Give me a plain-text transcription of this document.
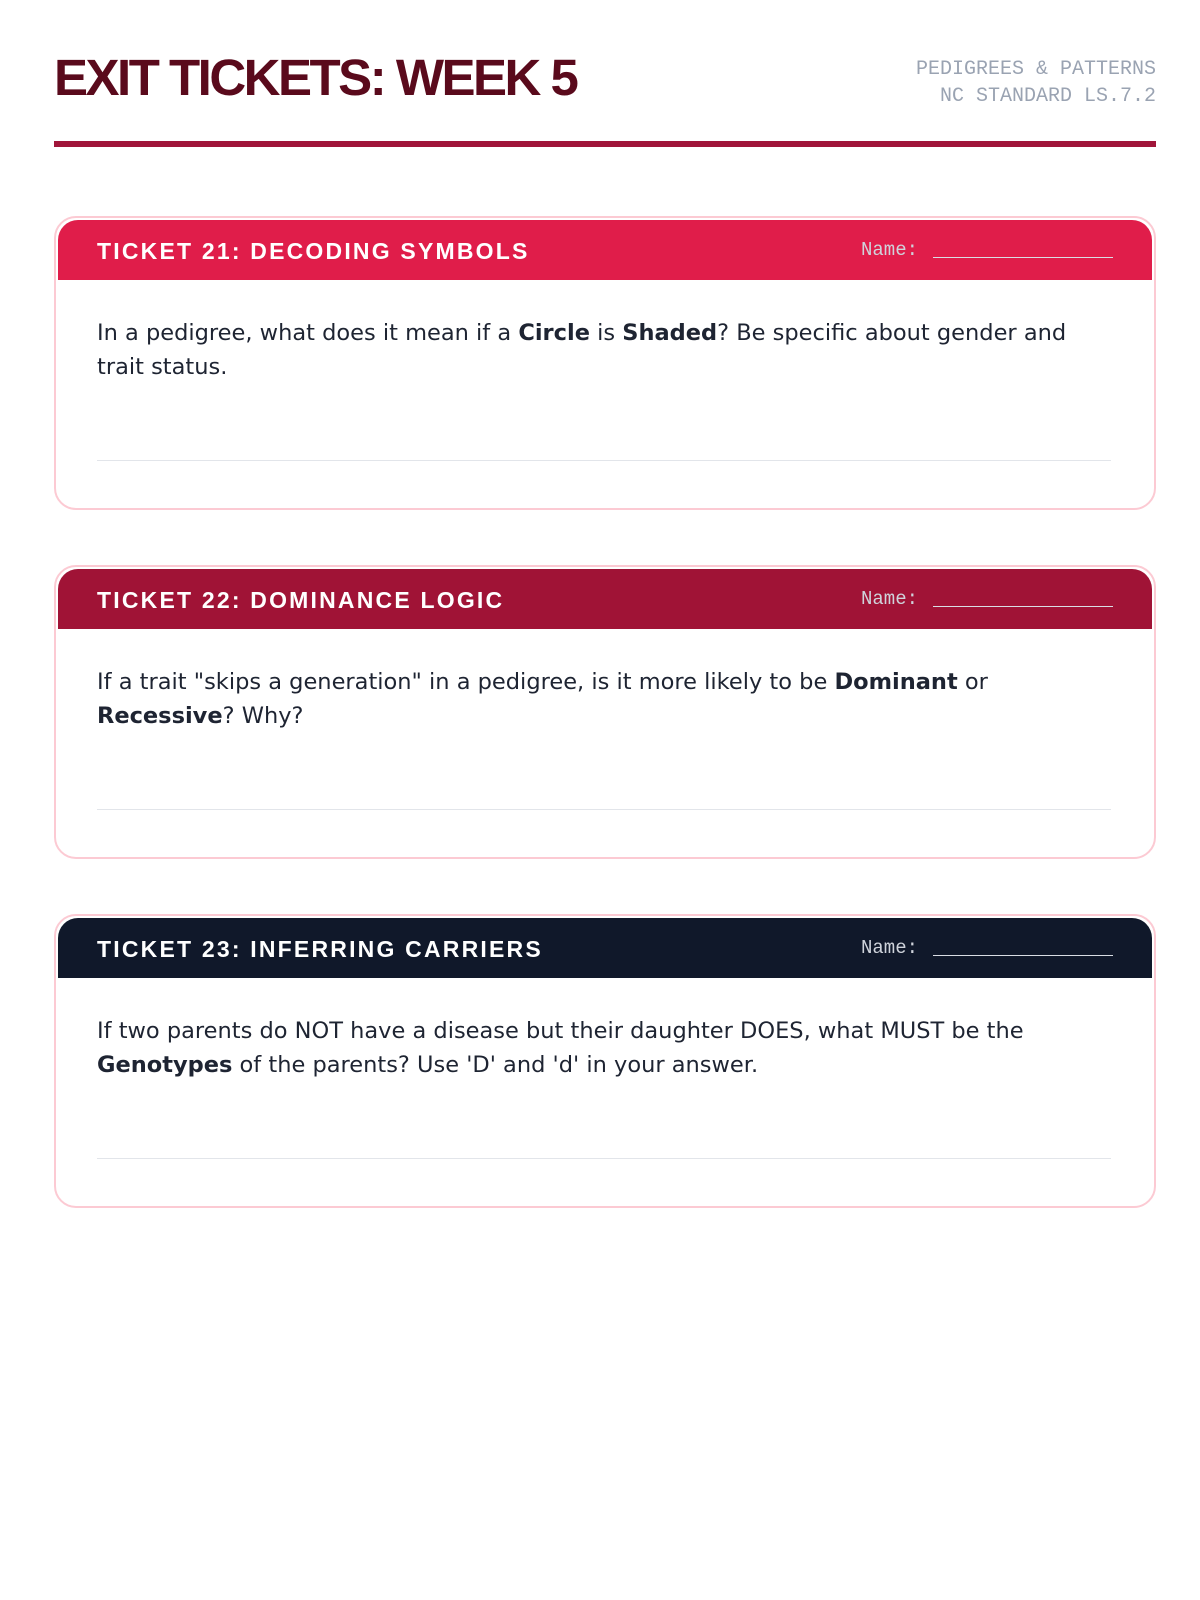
EXIT TICKETS: WEEK 5	PEDIGREES & PATTERNS
NC STANDARD LS.7.2
TICKET 21: DECODING SYMBOLS	Name:

In a pedigree, what does it mean if a Circle is Shaded? Be specific about gender and trait status.

TICKET 22: DOMINANCE LOGIC	Name:

If a trait "skips a generation" in a pedigree, is it more likely to be Dominant or Recessive? Why?

TICKET 23: INFERRING CARRIERS	Name:

If two parents do NOT have a disease but their daughter DOES, what MUST be the Genotypes of the parents? Use 'D' and 'd' in your answer.
